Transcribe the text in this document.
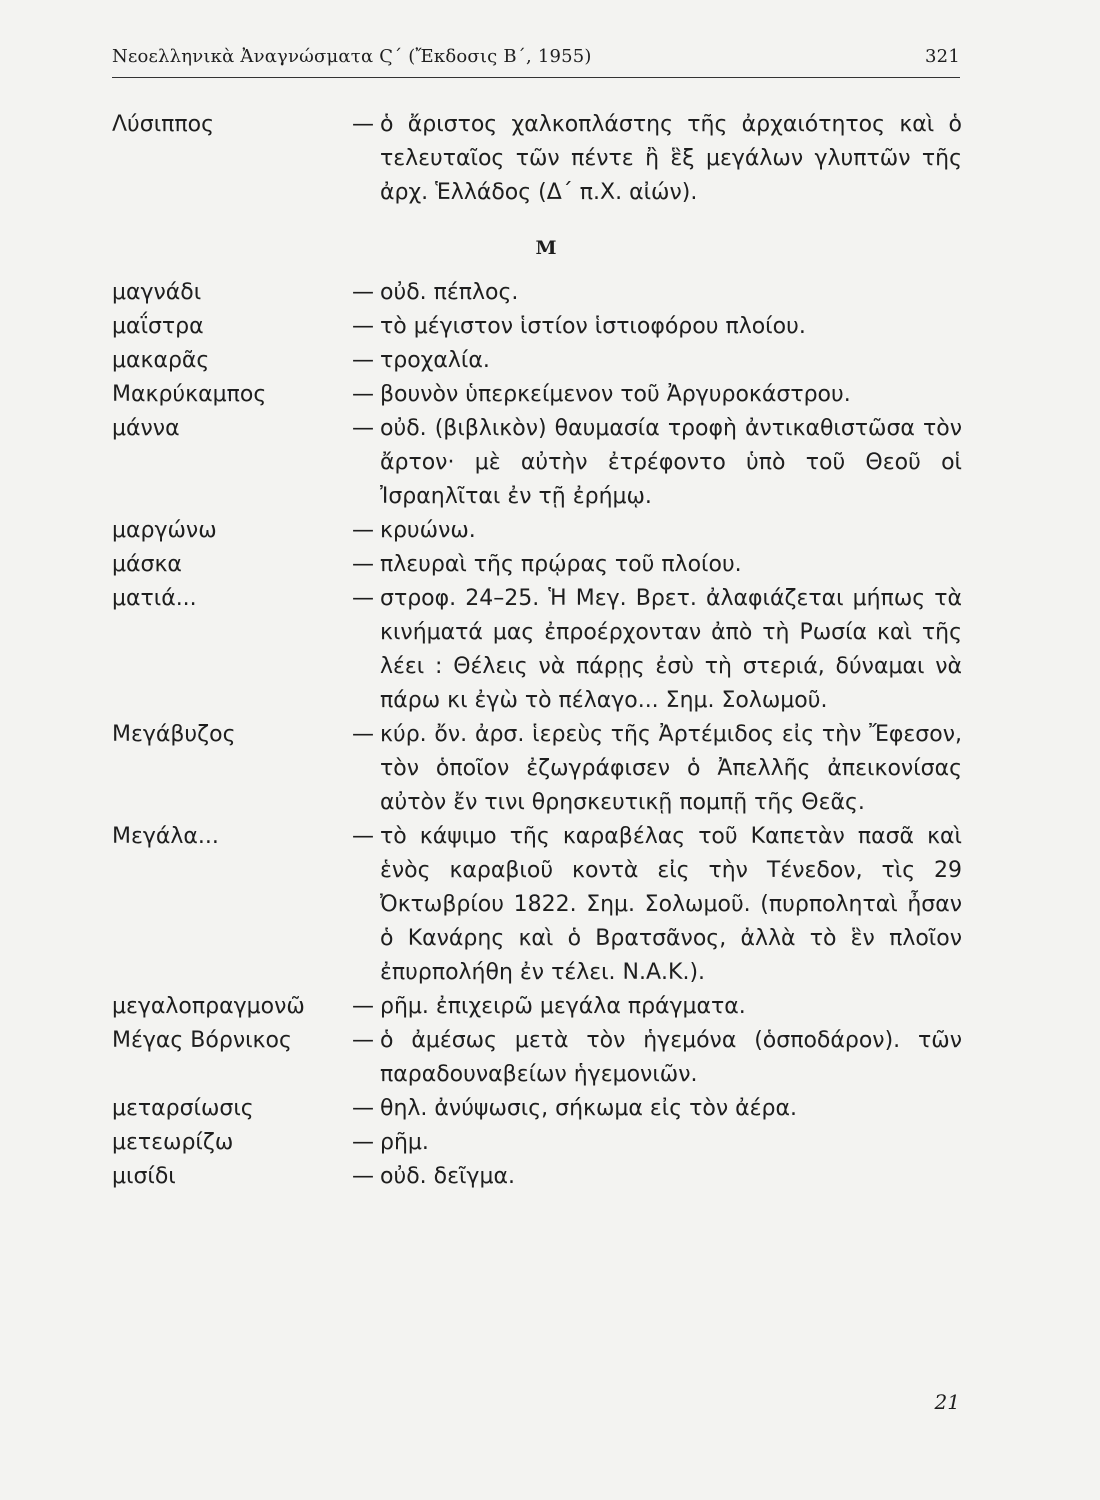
Νεοελληνικὰ Ἀναγνώσματα Ϛ΄ (Ἔκδοσις Β΄, 1955)	321
Λύσιππος	— ὁ ἄριστος χαλκοπλάστης τῆς ἀρχαιότητος καὶ ὁ τελευταῖος τῶν πέντε ἢ ἓξ μεγάλων γλυπτῶν τῆς ἀρχ. Ἑλλάδος (Δ΄ π.Χ. αἰών).
Μ
μαγνάδι	— οὐδ. πέπλος.
μαΐστρα	— τὸ μέγιστον ἱστίον ἱστιοφόρου πλοίου.
μακαρᾶς	— τροχαλία.
Μακρύκαμπος	— βουνὸν ὑπερκείμενον τοῦ Ἀργυροκάστρου.
μάννα	— οὐδ. (βιβλικὸν) θαυμασία τροφὴ ἀντικαθιστῶσα τὸν ἄρτον· μὲ αὐτὴν ἐτρέφοντο ὑπὸ τοῦ Θεοῦ οἱ Ἰσραηλῖται ἐν τῇ ἐρήμῳ.
μαργώνω	— κρυώνω.
μάσκα	— πλευραὶ τῆς πρῴρας τοῦ πλοίου.
ματιά...	— στροφ. 24–25. Ἡ Μεγ. Βρετ. ἀλαφιάζεται μήπως τὰ κινήματά μας ἐπροέρχονταν ἀπὸ τὴ Ρωσία καὶ τῆς λέει : Θέλεις νὰ πάρῃς ἐσὺ τὴ στεριά, δύναμαι νὰ πάρω κι ἐγὼ τὸ πέλαγο... Σημ. Σολωμοῦ.
Μεγάβυζος	— κύρ. ὄν. ἀρσ. ἱερεὺς τῆς Ἀρτέμιδος εἰς τὴν Ἔφεσον, τὸν ὁποῖον ἐζωγράφισεν ὁ Ἀπελλῆς ἀπεικονίσας αὐτὸν ἔν τινι θρησκευτικῇ πομπῇ τῆς Θεᾶς.
Μεγάλα...	— τὸ κάψιμο τῆς καραβέλας τοῦ Καπετὰν πασᾶ καὶ ἑνὸς καραβιοῦ κοντὰ εἰς τὴν Τένεδον, τὶς 29 Ὀκτωβρίου 1822. Σημ. Σολωμοῦ. (πυρποληταὶ ἦσαν ὁ Κανάρης καὶ ὁ Βρατσᾶνος, ἀλλὰ τὸ ἓν πλοῖον ἐπυρπολήθη ἐν τέλει. Ν.Α.Κ.).
μεγαλοπραγμονῶ	— ρῆμ. ἐπιχειρῶ μεγάλα πράγματα.
Μέγας Βόρνικος	— ὁ ἀμέσως μετὰ τὸν ἡγεμόνα (ὁσποδάρον). τῶν παραδουναβείων ἡγεμονιῶν.
μεταρσίωσις	— θηλ. ἀνύψωσις, σήκωμα εἰς τὸν ἀέρα.
μετεωρίζω	— ρῆμ.
μισίδι	— οὐδ. δεῖγμα.
21
